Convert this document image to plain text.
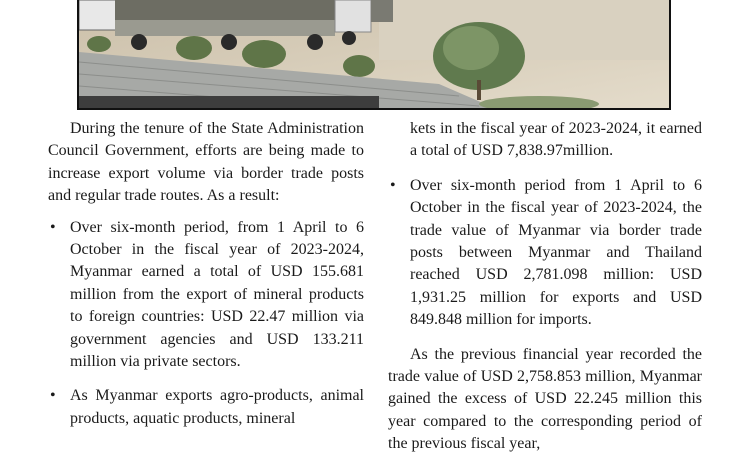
During the tenure of the State Administration Council Government, efforts are being made to increase export volume via border trade posts and regular trade routes. As a result:

• Over six-month period, from 1 April to 6 October in the fiscal year of 2023-2024, Myanmar earned a total of USD 155.681 million from the export of mineral products to foreign countries: USD 22.47 million via government agencies and USD 133.211 million via private sectors.

• As Myanmar exports agro-products, animal products, aquatic products, mineral

kets in the fiscal year of 2023-2024, it earned a total of USD 7,838.97million.

• Over six-month period from 1 April to 6 October in the fiscal year of 2023-2024, the trade value of Myanmar via border trade posts between Myanmar and Thailand reached USD 2,781.098 million: USD 1,931.25 million for exports and USD 849.848 million for imports.

As the previous financial year recorded the trade value of USD 2,758.853 million, Myanmar gained the excess of USD 22.245 million this year compared to the corresponding period of the previous fiscal year,
